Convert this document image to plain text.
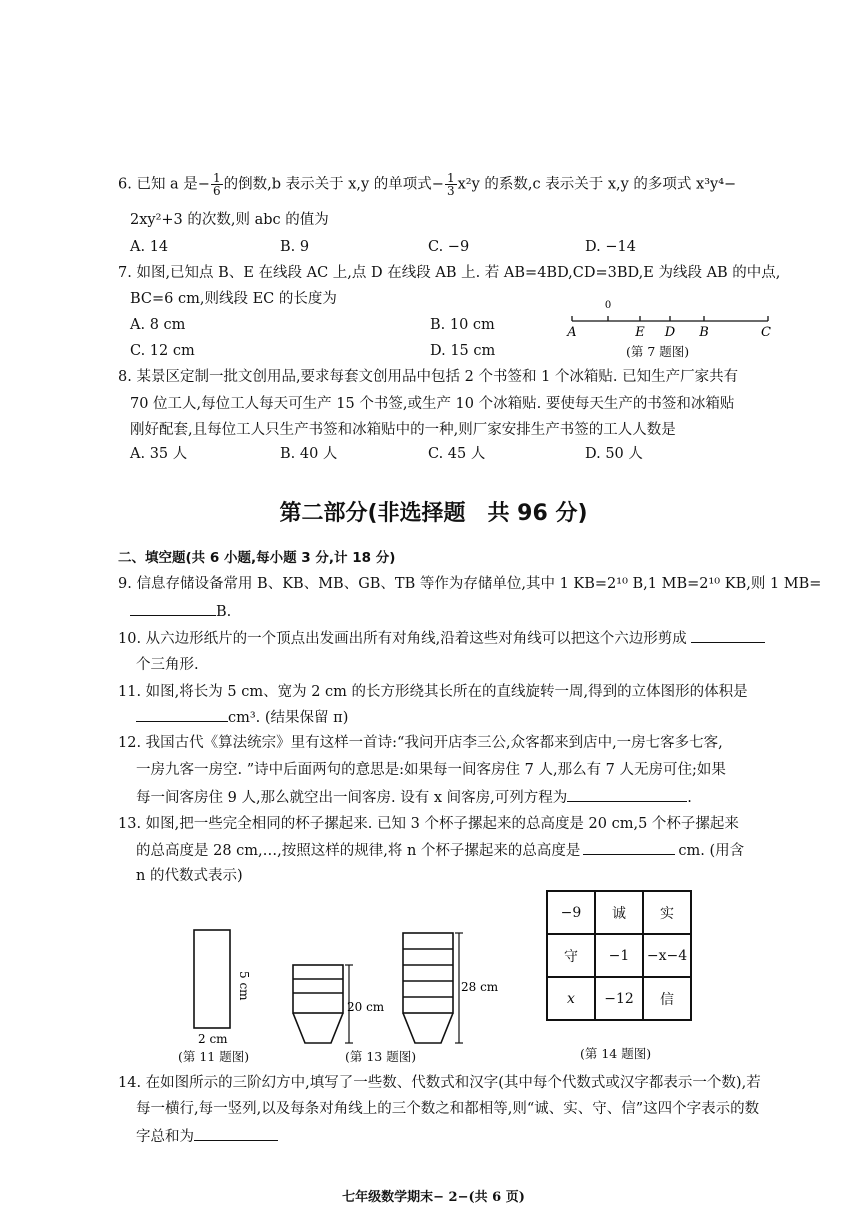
6. 已知 a 是− $\frac{1}{6}$ 的倒数,b 表示关于 x,y 的单项式− $\frac{1}{3} x^2y$ 的系数,c 表示关于 x,y 的多项式 x³y⁴−
2xy²+3 的次数,则 abc 的值为
A. 14	B. 9	C. −9	D. −14
7. 如图,已知点 B、E 在线段 AC 上,点 D 在线段 AB 上. 若 AB=4BD,CD=3BD,E 为线段 AB 的中点,
BC=6 cm,则线段 EC 的长度为
A. 8 cm	B. 10 cm
C. 12 cm	D. 15 cm
0
A	E D B	C
(第 7 题图)
8. 某景区定制一批文创用品,要求每套文创用品中包括 2 个书签和 1 个冰箱贴. 已知生产厂家共有
70 位工人,每位工人每天可生产 15 个书签,或生产 10 个冰箱贴. 要使每天生产的书签和冰箱贴
刚好配套,且每位工人只生产书签和冰箱贴中的一种,则厂家安排生产书签的工人人数是
A. 35 人	B. 40 人	C. 45 人	D. 50 人
第二部分(非选择题　共 96 分)
二、填空题(共 6 小题,每小题 3 分,计 18 分)
9. 信息存储设备常用 B、KB、MB、GB、TB 等作为存储单位,其中 1 KB=2¹⁰ B,1 MB=2¹⁰ KB,则 1 MB=
B.
10. 从六边形纸片的一个顶点出发画出所有对角线,沿着这些对角线可以把这个六边形剪成
个三角形.
11. 如图,将长为 5 cm、宽为 2 cm 的长方形绕其长所在的直线旋转一周,得到的立体图形的体积是
cm³. (结果保留 π)
12. 我国古代《算法统宗》里有这样一首诗:“我问开店李三公,众客都来到店中,一房七客多七客,
一房九客一房空. ”诗中后面两句的意思是:如果每一间客房住 7 人,那么有 7 人无房可住;如果
每一间客房住 9 人,那么就空出一间客房. 设有 x 间客房,可列方程为	.
13. 如图,把一些完全相同的杯子摞起来. 已知 3 个杯子摞起来的总高度是 20 cm,5 个杯子摞起来
的总高度是 28 cm,…,按照这样的规律,将 n 个杯子摞起来的总高度是	cm. (用含
n 的代数式表示)
5 cm
2 cm
(第 11 题图)
20 cm
28 cm
(第 13 题图)
−9	诚	实
守	−1	−x−4
x	−12	信
(第 14 题图)
14. 在如图所示的三阶幻方中,填写了一些数、代数式和汉字(其中每个代数式或汉字都表示一个数),若
每一横行,每一竖列,以及每条对角线上的三个数之和都相等,则“诚、实、守、信”这四个字表示的数
字总和为
七年级数学期末− 2−(共 6 页)
